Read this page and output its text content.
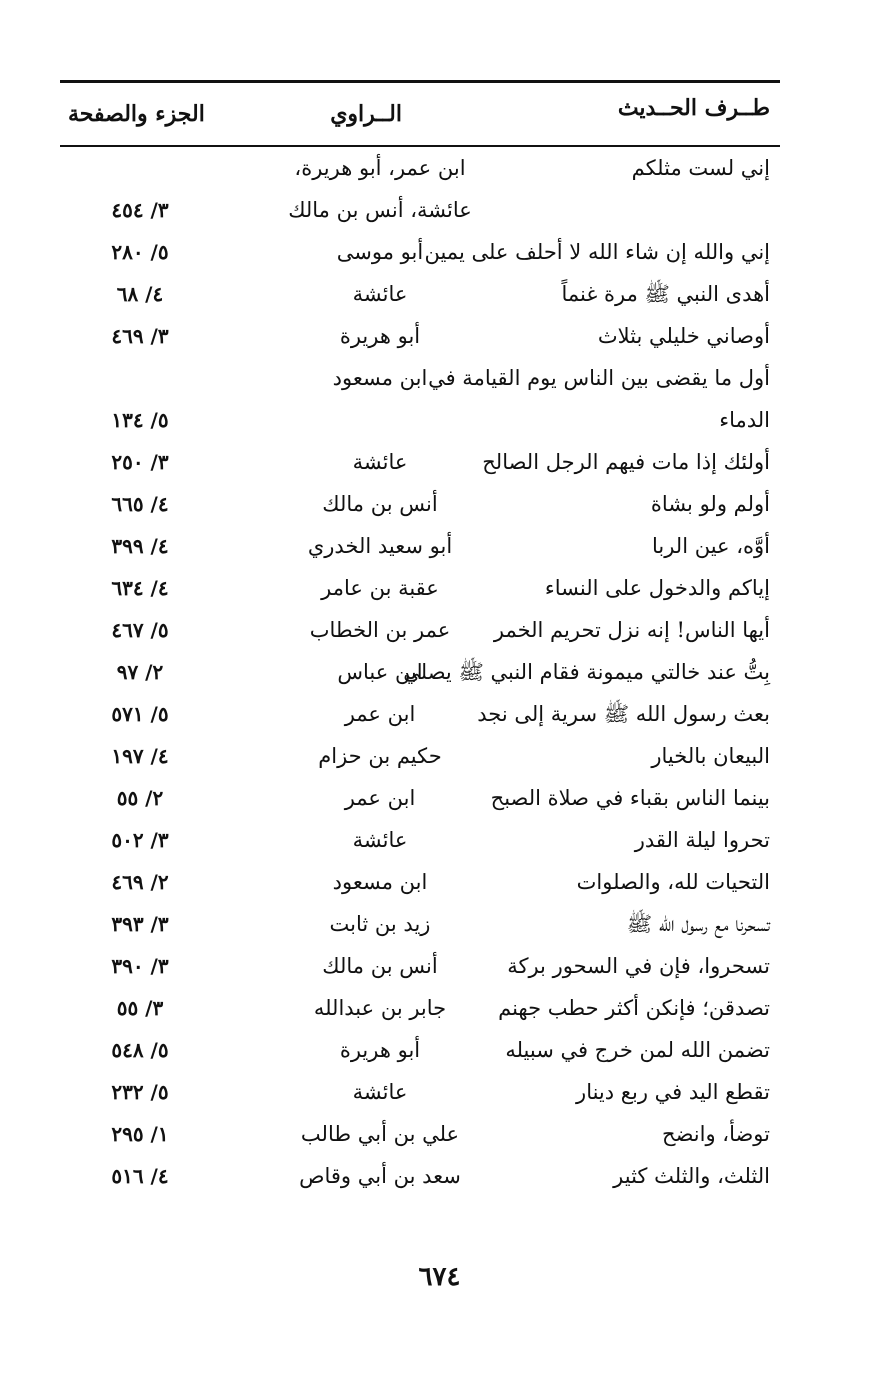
طــرف الحــديث
الــراوي
الجزء والصفحة
إني لست مثلكم
ابن عمر، أبو هريرة،
عائشة، أنس بن مالك
٣/ ٤٥٤
إني والله إن شاء الله لا أحلف على يمين
أبو موسى
٥/ ٢٨٠
أهدى النبي ﷺ مرة غنماً
عائشة
٤/ ٦٨
أوصاني خليلي بثلاث
أبو هريرة
٣/ ٤٦٩
أول ما يقضى بين الناس يوم القيامة في
الدماء
ابن مسعود
٥/ ١٣٤
أولئك إذا مات فيهم الرجل الصالح
عائشة
٣/ ٢٥٠
أولم ولو بشاة
أنس بن مالك
٤/ ٦٦٥
أوَّه، عين الربا
أبو سعيد الخدري
٤/ ٣٩٩
إياكم والدخول على النساء
عقبة بن عامر
٤/ ٦٣٤
أيها الناس! إنه نزل تحريم الخمر
عمر بن الخطاب
٥/ ٤٦٧
بِتُّ عند خالتي ميمونة فقام النبي ﷺ يصلي
ابن عباس
٢/ ٩٧
بعث رسول الله ﷺ سرية إلى نجد
ابن عمر
٥/ ٥٧١
البيعان بالخيار
حكيم بن حزام
٤/ ١٩٧
بينما الناس بقباء في صلاة الصبح
ابن عمر
٢/ ٥٥
تحروا ليلة القدر
عائشة
٣/ ٥٠٢
التحيات لله، والصلوات
ابن مسعود
٢/ ٤٦٩
تسحرنا مع رسول الله ﷺ
زيد بن ثابت
٣/ ٣٩٣
تسحروا، فإن في السحور بركة
أنس بن مالك
٣/ ٣٩٠
تصدقن؛ فإنكن أكثر حطب جهنم
جابر بن عبدالله
٣/ ٥٥
تضمن الله لمن خرج في سبيله
أبو هريرة
٥/ ٥٤٨
تقطع اليد في ربع دينار
عائشة
٥/ ٢٣٢
توضأ، وانضح
علي بن أبي طالب
١/ ٢٩٥
الثلث، والثلث كثير
سعد بن أبي وقاص
٤/ ٥١٦
٦٧٤
